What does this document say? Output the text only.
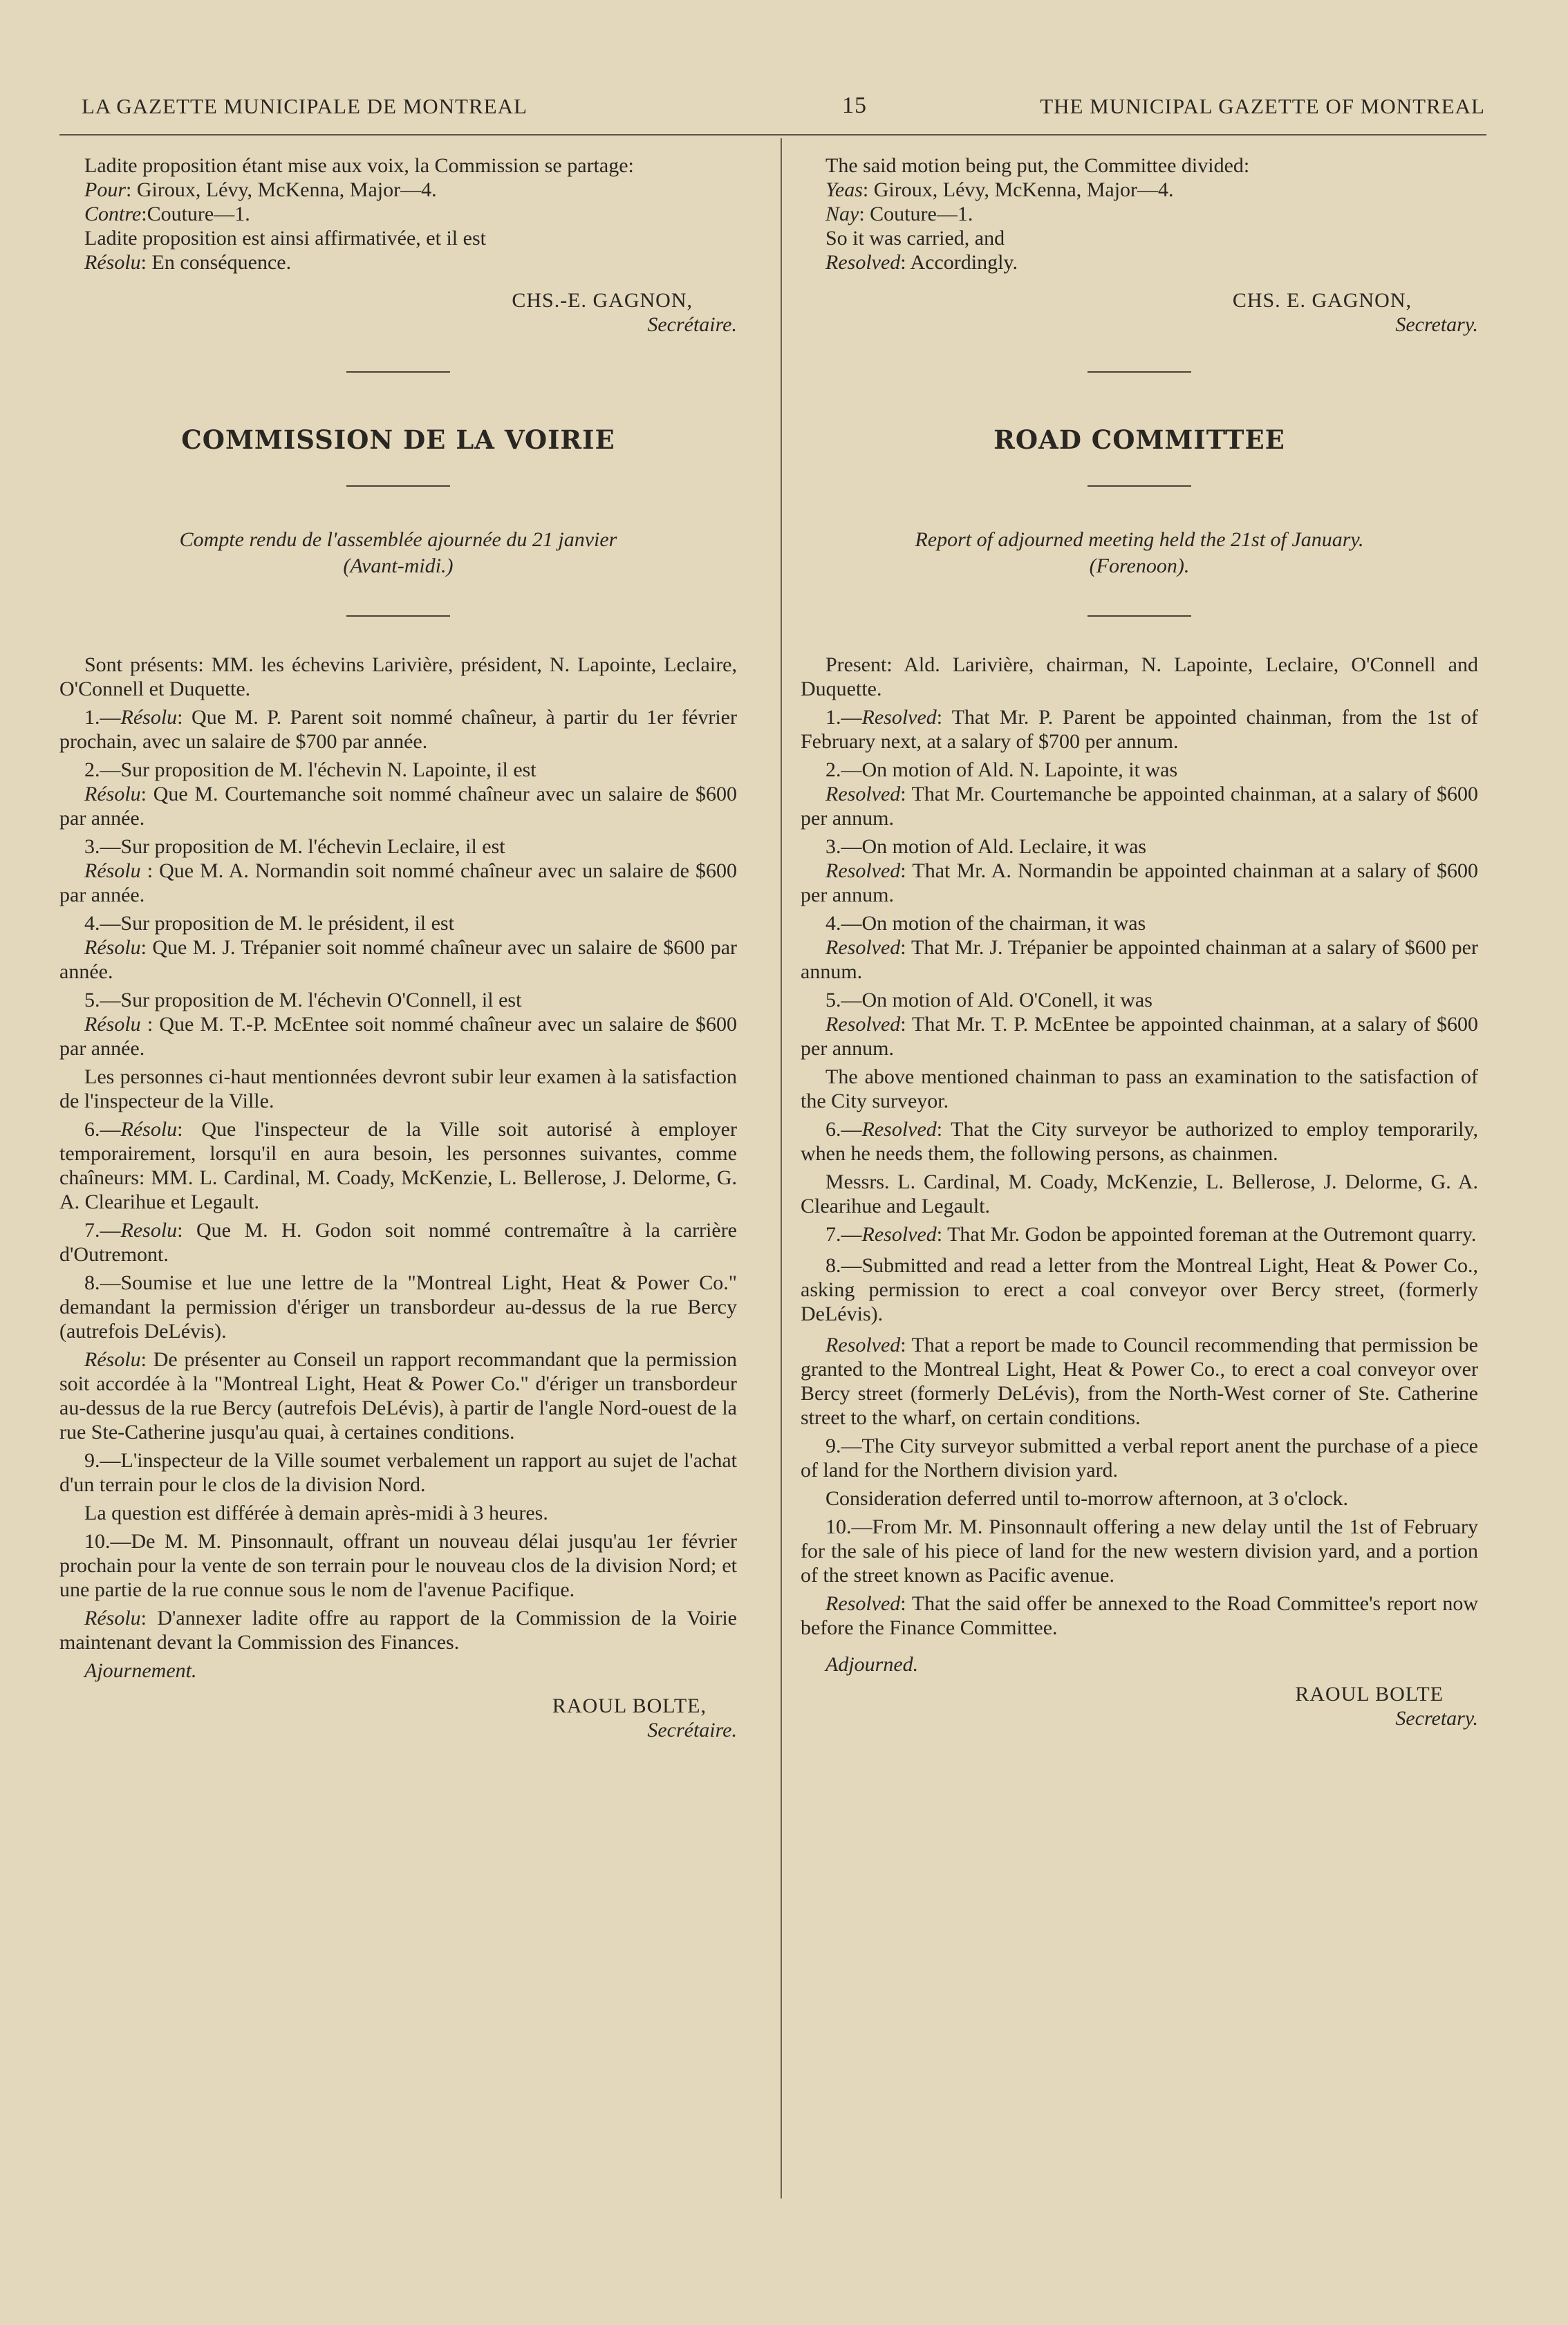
LA GAZETTE MUNICIPALE DE MONTREAL	15	THE MUNICIPAL GAZETTE OF MONTREAL

Ladite proposition étant mise aux voix, la Commission se partage:

Pour: Giroux, Lévy, McKenna, Major—4.

Contre:Couture—1.

Ladite proposition est ainsi affirmativée, et il est

Résolu: En conséquence.

CHS.-E. GAGNON,
Secrétaire.
COMMISSION DE LA VOIRIE
Compte rendu de l'assemblée ajournée du 21 janvier
(Avant-midi.)

Sont présents: MM. les échevins Larivière, président, N. Lapointe, Leclaire, O'Connell et Duquette.

1.—Résolu: Que M. P. Parent soit nommé chaîneur, à partir du 1er février prochain, avec un salaire de $700 par année.

2.—Sur proposition de M. l'échevin N. Lapointe, il est

Résolu: Que M. Courtemanche soit nommé chaîneur avec un salaire de $600 par année.

3.—Sur proposition de M. l'échevin Leclaire, il est

Résolu : Que M. A. Normandin soit nommé chaîneur avec un salaire de $600 par année.

4.—Sur proposition de M. le président, il est

Résolu: Que M. J. Trépanier soit nommé chaîneur avec un salaire de $600 par année.

5.—Sur proposition de M. l'échevin O'Connell, il est

Résolu : Que M. T.-P. McEntee soit nommé chaîneur avec un salaire de $600 par année.

Les personnes ci-haut mentionnées devront subir leur examen à la satisfaction de l'inspecteur de la Ville.

6.—Résolu: Que l'inspecteur de la Ville soit autorisé à employer temporairement, lorsqu'il en aura besoin, les personnes suivantes, comme chaîneurs: MM. L. Cardinal, M. Coady, McKenzie, L. Bellerose, J. Delorme, G. A. Clearihue et Legault.

7.—Resolu: Que M. H. Godon soit nommé contremaître à la carrière d'Outremont.

8.—Soumise et lue une lettre de la "Montreal Light, Heat & Power Co." demandant la permission d'ériger un transbordeur au-dessus de la rue Bercy (autrefois DeLévis).

Résolu: De présenter au Conseil un rapport recommandant que la permission soit accordée à la "Montreal Light, Heat & Power Co." d'ériger un transbordeur au-dessus de la rue Bercy (autrefois DeLévis), à partir de l'angle Nord-ouest de la rue Ste-Catherine jusqu'au quai, à certaines conditions.

9.—L'inspecteur de la Ville soumet verbalement un rapport au sujet de l'achat d'un terrain pour le clos de la division Nord.

La question est différée à demain après-midi à 3 heures.

10.—De M. M. Pinsonnault, offrant un nouveau délai jusqu'au 1er février prochain pour la vente de son terrain pour le nouveau clos de la division Nord; et une partie de la rue connue sous le nom de l'avenue Pacifique.

Résolu: D'annexer ladite offre au rapport de la Commission de la Voirie maintenant devant la Commission des Finances.

Ajournement.

RAOUL BOLTE,
Secrétaire.

The said motion being put, the Committee divided:

Yeas: Giroux, Lévy, McKenna, Major—4.

Nay: Couture—1.

So it was carried, and

Resolved: Accordingly.

CHS. E. GAGNON,
Secretary.
ROAD COMMITTEE
Report of adjourned meeting held the 21st of January.
(Forenoon).

Present: Ald. Larivière, chairman, N. Lapointe, Leclaire, O'Connell and Duquette.

1.—Resolved: That Mr. P. Parent be appointed chainman, from the 1st of February next, at a salary of $700 per annum.

2.—On motion of Ald. N. Lapointe, it was

Resolved: That Mr. Courtemanche be appointed chainman, at a salary of $600 per annum.

3.—On motion of Ald. Leclaire, it was

Resolved: That Mr. A. Normandin be appointed chainman at a salary of $600 per annum.

4.—On motion of the chairman, it was

Resolved: That Mr. J. Trépanier be appointed chainman at a salary of $600 per annum.

5.—On motion of Ald. O'Conell, it was

Resolved: That Mr. T. P. McEntee be appointed chainman, at a salary of $600 per annum.

The above mentioned chainman to pass an examination to the satisfaction of the City surveyor.

6.—Resolved: That the City surveyor be authorized to employ temporarily, when he needs them, the following persons, as chainmen.

Messrs. L. Cardinal, M. Coady, McKenzie, L. Bellerose, J. Delorme, G. A. Clearihue and Legault.

7.—Resolved: That Mr. Godon be appointed foreman at the Outremont quarry.

8.—Submitted and read a letter from the Montreal Light, Heat & Power Co., asking permission to erect a coal conveyor over Bercy street, (formerly DeLévis).

Resolved: That a report be made to Council recommending that permission be granted to the Montreal Light, Heat & Power Co., to erect a coal conveyor over Bercy street (formerly DeLévis), from the North-West corner of Ste. Catherine street to the wharf, on certain conditions.

9.—The City surveyor submitted a verbal report anent the purchase of a piece of land for the Northern division yard.

Consideration deferred until to-morrow afternoon, at 3 o'clock.

10.—From Mr. M. Pinsonnault offering a new delay until the 1st of February for the sale of his piece of land for the new western division yard, and a portion of the street known as Pacific avenue.

Resolved: That the said offer be annexed to the Road Committee's report now before the Finance Committee.

Adjourned.

RAOUL BOLTE
Secretary.
